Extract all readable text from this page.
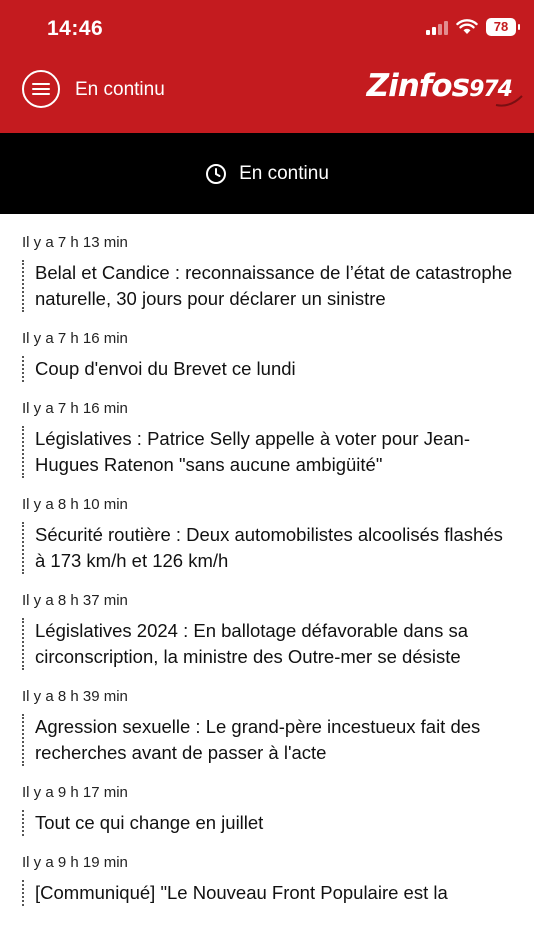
14:46	78
En continu	Zinfos974
En continu
Il y a 7 h 13 min
Belal et Candice : reconnaissance de l’état de catastrophe naturelle, 30 jours pour déclarer un sinistre
Il y a 7 h 16 min
Coup d'envoi du Brevet ce lundi
Il y a 7 h 16 min
Législatives : Patrice Selly appelle à voter pour Jean-Hugues Ratenon "sans aucune ambigüité"
Il y a 8 h 10 min
Sécurité routière : Deux automobilistes alcoolisés flashés à 173 km/h et 126 km/h
Il y a 8 h 37 min
Législatives 2024 : En ballotage défavorable dans sa circonscription, la ministre des Outre-mer se désiste
Il y a 8 h 39 min
Agression sexuelle : Le grand-père incestueux fait des recherches avant de passer à l'acte
Il y a 9 h 17 min
Tout ce qui change en juillet
Il y a 9 h 19 min
[Communiqué] "Le Nouveau Front Populaire est la
